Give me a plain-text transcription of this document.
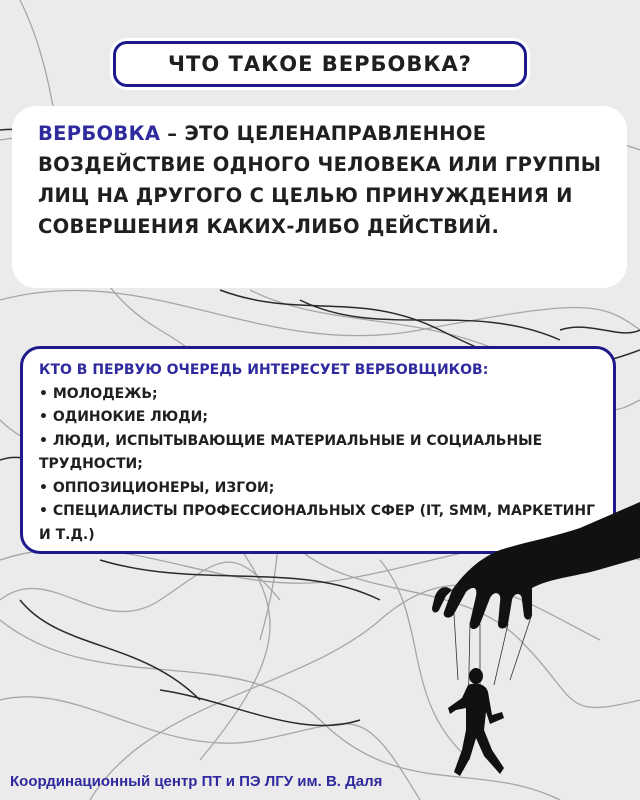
ЧТО ТАКОЕ ВЕРБОВКА?
ВЕРБОВКА – ЭТО ЦЕЛЕНАПРАВЛЕННОЕ ВОЗДЕЙСТВИЕ ОДНОГО ЧЕЛОВЕКА ИЛИ ГРУППЫ ЛИЦ НА ДРУГОГО С ЦЕЛЬЮ ПРИНУЖДЕНИЯ И СОВЕРШЕНИЯ КАКИХ-ЛИБО ДЕЙСТВИЙ.
КТО В ПЕРВУЮ ОЧЕРЕДЬ ИНТЕРЕСУЕТ ВЕРБОВЩИКОВ:
• МОЛОДЕЖЬ;
• ОДИНОКИЕ ЛЮДИ;
• ЛЮДИ, ИСПЫТЫВАЮЩИЕ МАТЕРИАЛЬНЫЕ И СОЦИАЛЬНЫЕ ТРУДНОСТИ;
• ОППОЗИЦИОНЕРЫ, ИЗГОИ;
• СПЕЦИАЛИСТЫ ПРОФЕССИОНАЛЬНЫХ СФЕР (IT, SMM, МАРКЕТИНГ И Т.Д.)
Координационный центр ПТ и ПЭ ЛГУ им. В. Даля
